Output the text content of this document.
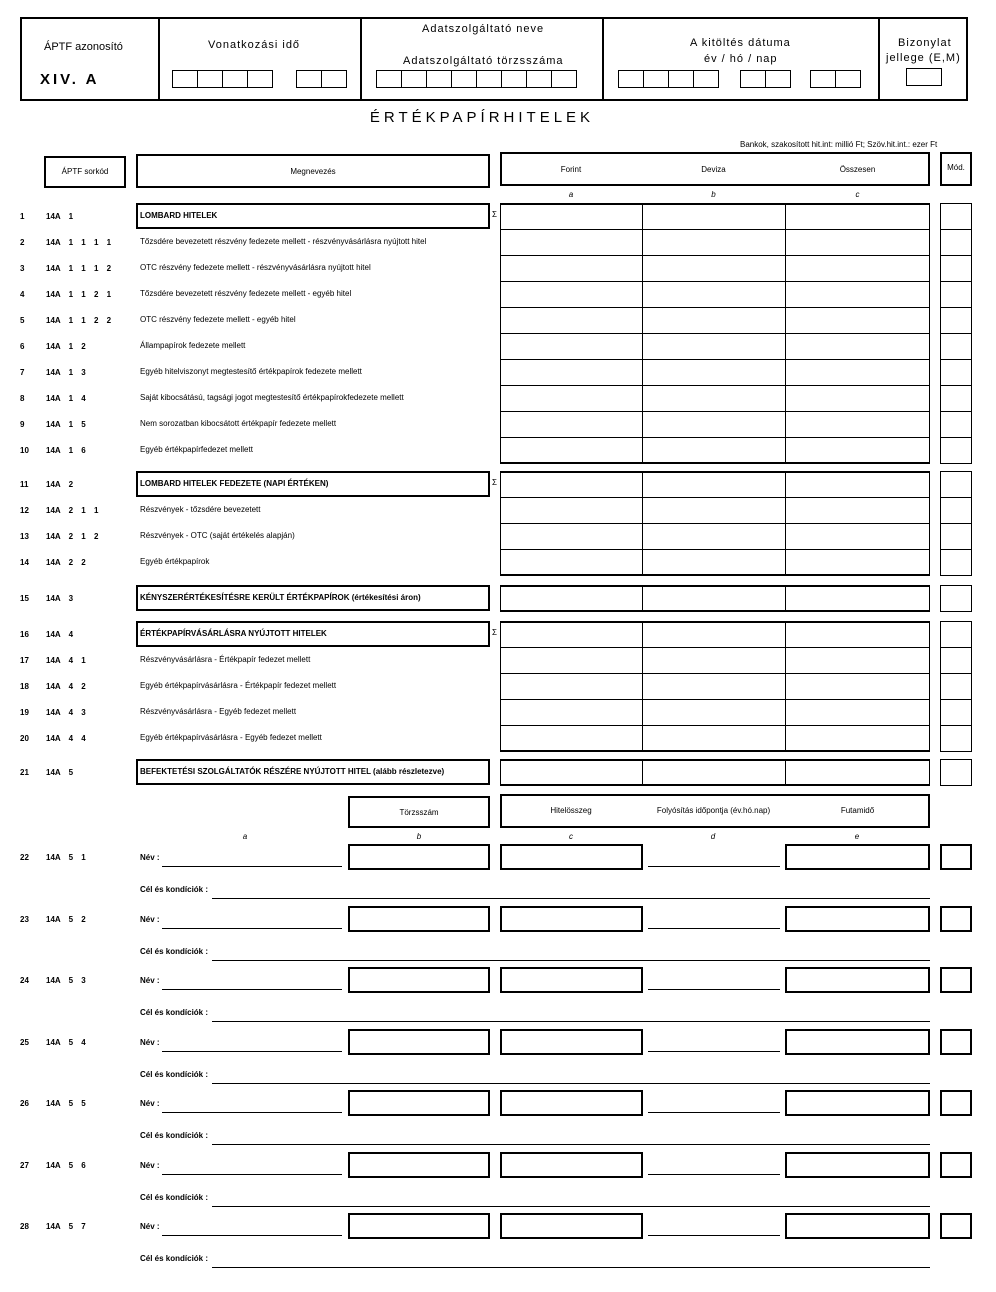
ÁPTF azonosító
XIV. A
Vonatkozási idő
Adatszolgáltató neve
Adatszolgáltató törzsszáma
A kitöltés dátuma
év / hó / nap
Bizonylat
jellege (E,M)
ÉRTÉKPAPÍRHITELEK
Bankok, szakosított hit.int: millió Ft; Szöv.hit.int.: ezer Ft
ÁPTF sorkód	Megnevezés	Forint	Deviza	Összesen	Mód.
a	b	c
1	14A 1	LOMBARD HITELEK	Σ
2	14A 1 1 1 1	Tőzsdére bevezetett részvény fedezete mellett - részvényvásárlásra nyújtott hitel
3	14A 1 1 1 2	OTC részvény fedezete mellett - részvényvásárlásra nyújtott hitel
4	14A 1 1 2 1	Tőzsdére bevezetett részvény fedezete mellett - egyéb hitel
5	14A 1 1 2 2	OTC részvény fedezete mellett - egyéb hitel
6	14A 1 2	Állampapírok fedezete mellett
7	14A 1 3	Egyéb hitelviszonyt megtestesítő értékpapírok fedezete mellett
8	14A 1 4	Saját kibocsátású, tagsági jogot megtestesítő értékpapírokfedezete mellett
9	14A 1 5	Nem sorozatban kibocsátott értékpapír fedezete mellett
10 14A 1 6	Egyéb értékpapírfedezet mellett
11 14A 2	LOMBARD HITELEK FEDEZETE (NAPI ÉRTÉKEN)	Σ
12 14A 2 1 1	Részvények - tőzsdére bevezetett
13 14A 2 1 2	Részvények - OTC (saját értékelés alapján)
14 14A 2 2	Egyéb értékpapírok
15 14A 3	KÉNYSZERÉRTÉKESÍTÉSRE KERÜLT ÉRTÉKPAPÍROK (értékesítési áron)
16 14A 4	ÉRTÉKPAPÍRVÁSÁRLÁSRA NYÚJTOTT HITELEK	Σ
17 14A 4 1	Részvényvásárlásra - Értékpapír fedezet mellett
18 14A 4 2	Egyéb értékpapírvásárlásra - Értékpapír fedezet mellett
19 14A 4 3	Részvényvásárlásra - Egyéb fedezet mellett
20 14A 4 4	Egyéb értékpapírvásárlásra - Egyéb fedezet mellett
21 14A 5	BEFEKTETÉSI SZOLGÁLTATÓK RÉSZÉRE NYÚJTOTT HITEL (alább részletezve)
Törzsszám	Hitelösszeg	Folyósítás időpontja (év.hó.nap)	Futamidő
a	b	c	d	e
22 14A 5 1	Név :
Cél és kondíciók :
23 14A 5 2	Név :
Cél és kondíciók :
24 14A 5 3	Név :
Cél és kondíciók :
25 14A 5 4	Név :
Cél és kondíciók :
26 14A 5 5	Név :
Cél és kondíciók :
27 14A 5 6	Név :
Cél és kondíciók :
28 14A 5 7	Név :
Cél és kondíciók :
